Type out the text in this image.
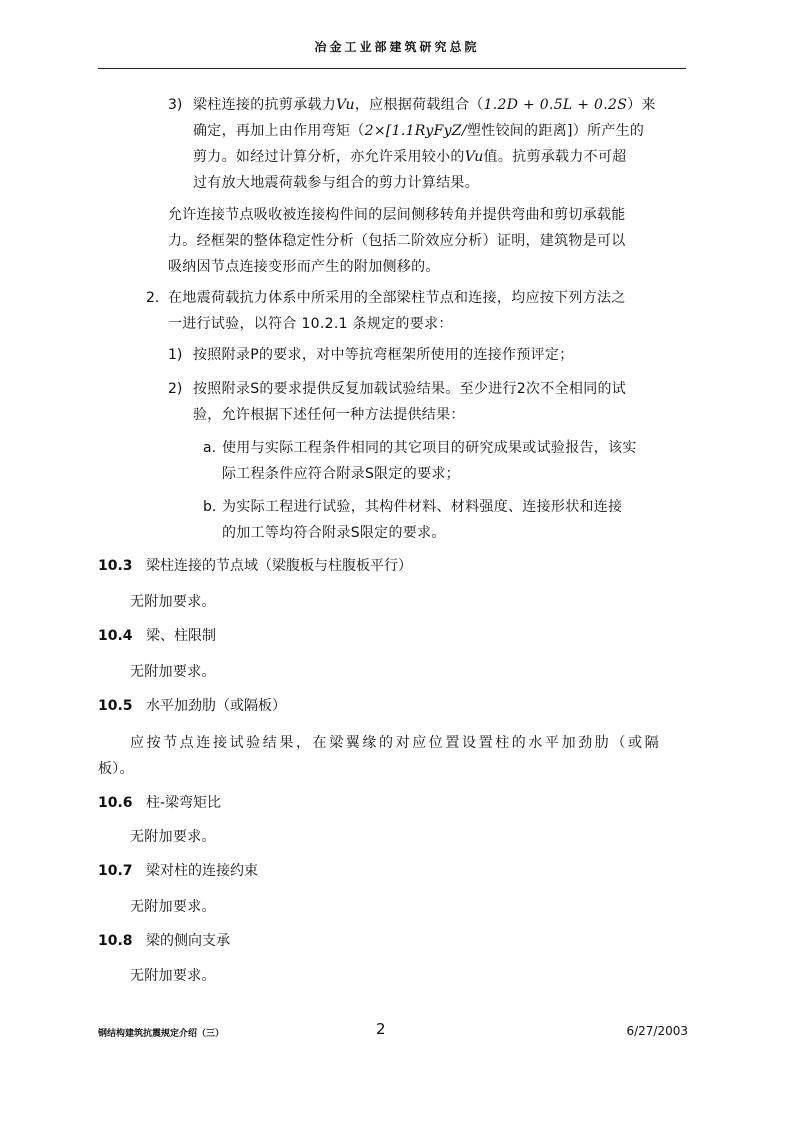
冶金工业部建筑研究总院
3) 梁柱连接的抗剪承载力Vu，应根据荷载组合（1.2D + 0.5L + 0.2S）来
确定，再加上由作用弯矩（2×[1.1RyFyZ/塑性铰间的距离]）所产生的
剪力。如经过计算分析，亦允许采用较小的Vu值。抗剪承载力不可超
过有放大地震荷载参与组合的剪力计算结果。
允许连接节点吸收被连接构件间的层间侧移转角并提供弯曲和剪切承载能
力。经框架的整体稳定性分析（包括二阶效应分析）证明，建筑物是可以
吸纳因节点连接变形而产生的附加侧移的。
2. 在地震荷载抗力体系中所采用的全部梁柱节点和连接，均应按下列方法之
一进行试验，以符合 10.2.1 条规定的要求：
1) 按照附录P的要求，对中等抗弯框架所使用的连接作预评定；
2) 按照附录S的要求提供反复加载试验结果。至少进行2次不全相同的试
验，允许根据下述任何一种方法提供结果：
a. 使用与实际工程条件相同的其它项目的研究成果或试验报告，该实
际工程条件应符合附录S限定的要求；
b. 为实际工程进行试验，其构件材料、材料强度、连接形状和连接
的加工等均符合附录S限定的要求。
10.3 梁柱连接的节点域（梁腹板与柱腹板平行）
无附加要求。
10.4 梁、柱限制
无附加要求。
10.5 水平加劲肋（或隔板）
应按节点连接试验结果，在梁翼缘的对应位置设置柱的水平加劲肋（或隔
板）。
10.6 柱-梁弯矩比
无附加要求。
10.7 梁对柱的连接约束
无附加要求。
10.8 梁的侧向支承
无附加要求。
钢结构建筑抗震规定介绍（三）	2	6/27/2003
